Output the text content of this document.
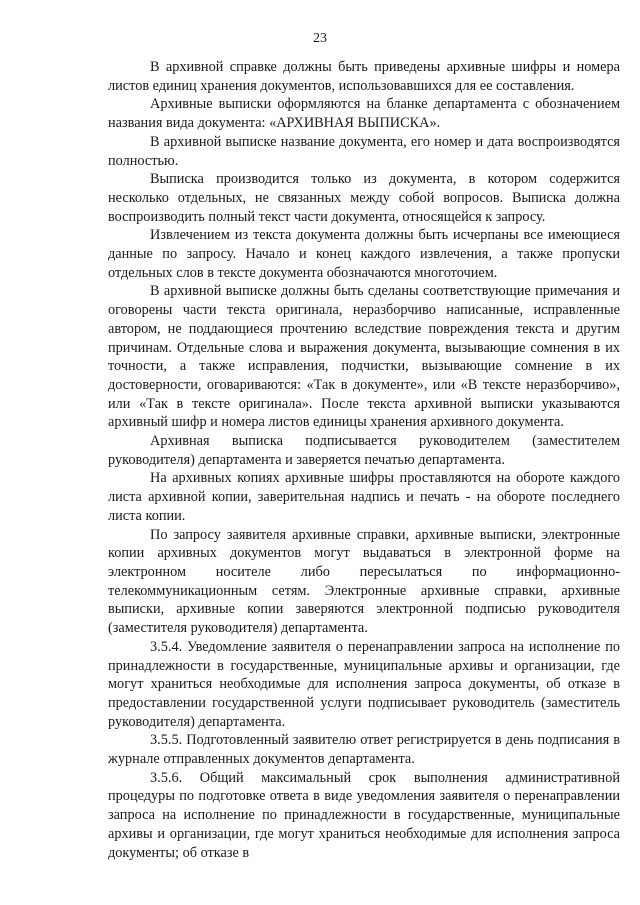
23

В архивной справке должны быть приведены архивные шифры и номера листов единиц хранения документов, использовавшихся для ее составления.

Архивные выписки оформляются на бланке департамента с обозначением названия вида документа: «АРХИВНАЯ ВЫПИСКА».

В архивной выписке название документа, его номер и дата воспроизводятся полностью.

Выписка производится только из документа, в котором содержится несколько отдельных, не связанных между собой вопросов. Выписка должна воспроизводить полный текст части документа, относящейся к запросу.

Извлечением из текста документа должны быть исчерпаны все имеющиеся данные по запросу. Начало и конец каждого извлечения, а также пропуски отдельных слов в тексте документа обозначаются многоточием.

В архивной выписке должны быть сделаны соответствующие примечания и оговорены части текста оригинала, неразборчиво написанные, исправленные автором, не поддающиеся прочтению вследствие повреждения текста и другим причинам. Отдельные слова и выражения документа, вызывающие сомнения в их точности, а также исправления, подчистки, вызывающие сомнение в их достоверности, оговариваются: «Так в документе», или «В тексте неразборчиво», или «Так в тексте оригинала». После текста архивной выписки указываются архивный шифр и номера листов единицы хранения архивного документа.

Архивная выписка подписывается руководителем (заместителем руководителя) департамента и заверяется печатью департамента.

На архивных копиях архивные шифры проставляются на обороте каждого листа архивной копии, заверительная надпись и печать - на обороте последнего листа копии.

По запросу заявителя архивные справки, архивные выписки, электронные копии архивных документов могут выдаваться в электронной форме на электронном носителе либо пересылаться по информационно-телекоммуникационным сетям. Электронные архивные справки, архивные выписки, архивные копии заверяются электронной подписью руководителя (заместителя руководителя) департамента.

3.5.4. Уведомление заявителя о перенаправлении запроса на исполнение по принадлежности в государственные, муниципальные архивы и организации, где могут храниться необходимые для исполнения запроса документы, об отказе в предоставлении государственной услуги подписывает руководитель (заместитель руководителя) департамента.

3.5.5. Подготовленный заявителю ответ регистрируется в день подписания в журнале отправленных документов департамента.

3.5.6. Общий максимальный срок выполнения административной процедуры по подготовке ответа в виде уведомления заявителя о перенаправлении запроса на исполнение по принадлежности в государственные, муниципальные архивы и организации, где могут храниться необходимые для исполнения запроса документы; об отказе в
